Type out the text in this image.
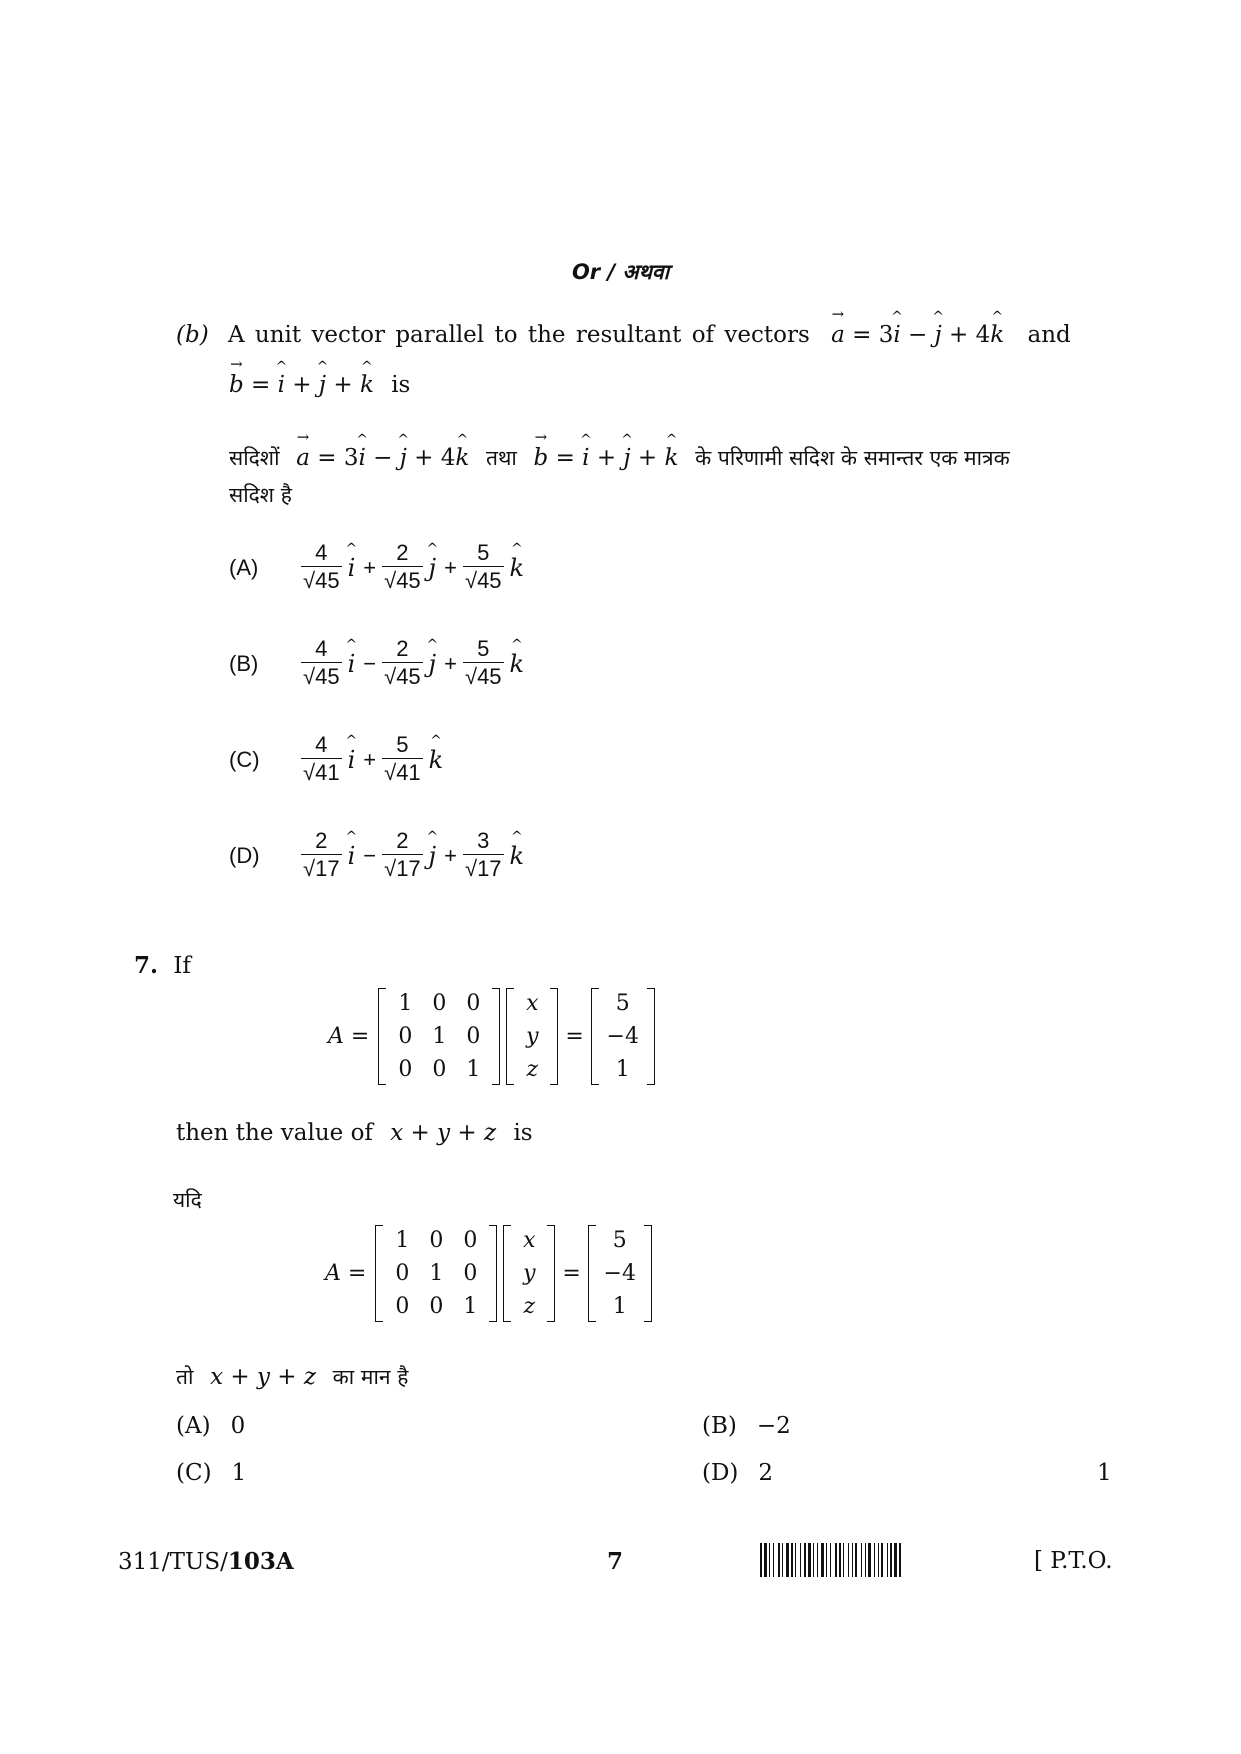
Or / अथवा
(b) A unit vector parallel to the resultant of vectors → a = 3i ^ − j ^ + 4k ^ and
→ b = i ^ + j ^ + k ^ is
सदिशों → a = 3i ^ − j ^ + 4k ^ तथा → b = i ^ + j ^ + k ^ के परिणामी सदिश के समान्तर एक मात्रक
सदिश है
(A)	$\frac{4}{√45}$ i ^ + $\frac{2}{√45}$ j ^ + $\frac{5}{√45}$ k ^
(B)	$\frac{4}{√45}$ i ^ − $\frac{2}{√45}$ j ^ + $\frac{5}{√45}$ k ^
(C)	$\frac{4}{√41}$ i ^ + $\frac{5}{√41}$ k ^
(D)	$\frac{2}{√17}$ i ^ − $\frac{2}{√17}$ j ^ + $\frac{3}{√17}$ k ^
7. If
A =
1 0 0
0 1 0
0 0 1
x
y
z
=
5
−4
1
then the value of x + y + z is
यदि
A =
1 0 0
0 1 0
0 0 1
x
y
z
=
5
−4
1
तो x + y + z का मान है
(A) 0	(B) −2
(C) 1	(D) 2	1
311/TUS/103A	7	[ P.T.O.
